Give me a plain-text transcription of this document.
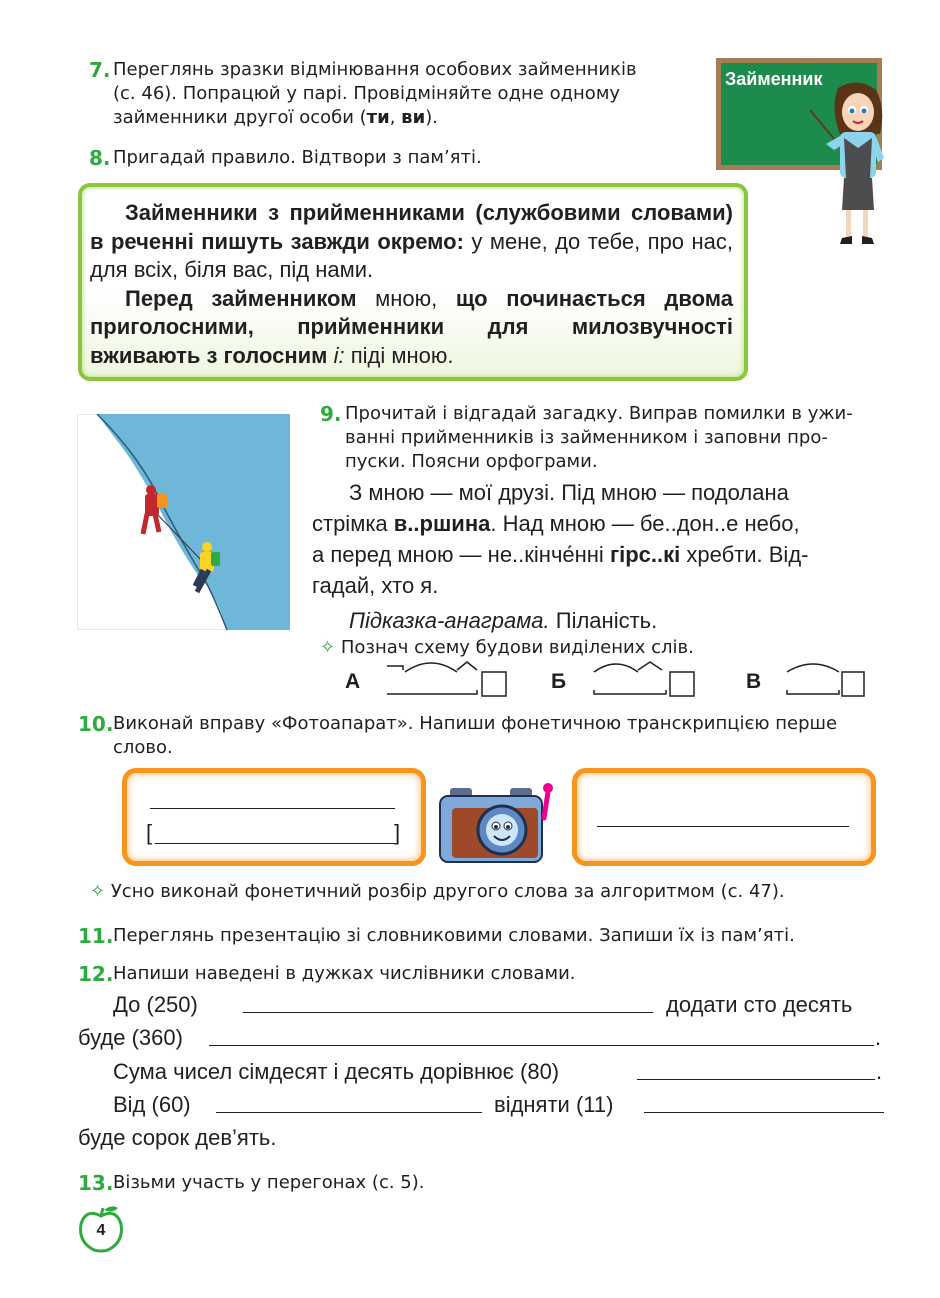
7. Переглянь зразки відмінювання особових займенників
(с. 46). Попрацюй у парі. Провідміняйте одне одному
займенники другої особи (ти, ви).
Займенник
8. Пригадай правило. Відтвори з пам’яті.
Займенники з прийменниками (службовими словами) в реченні пишуть завжди окремо: у мене, до тебе, про нас, для всіх, біля вас, під нами.
Перед займенником мною, що починається двома приголосними, прийменники для милозвучності вживають з голосним і: піді мною.
9. Прочитай і відгадай загадку. Виправ помилки в ужи-
ванні прийменників із займенником і заповни про-
пуски. Поясни орфограми.
З мною — мої друзі. Під мною — подолана
стрімка в..ршина. Над мною — бе..дон..е небо,
а перед мною — не..кінче́нні гірс..кі хребти. Від-
гадай, хто я.
Підказка-анаграма. Піланість.
✧ Познач схему будови виділених слів.
А	Б	В
10. Виконай вправу «Фотоапарат». Напиши фонетичною транскрипцією перше
слово.
[	]
✧ Усно виконай фонетичний розбір другого слова за алгоритмом (с. 47).
11. Переглянь презентацію зі словниковими словами. Запиши їх із пам’яті.
12. Напиши наведені в дужках числівники словами.
До (250)	додати сто десять
буде (360)	.
Сума чисел сімдесят і десять дорівнює (80)	.
Від (60)	відняти (11)
буде сорок дев’ять.
13. Візьми участь у перегонах (с. 5).
4
